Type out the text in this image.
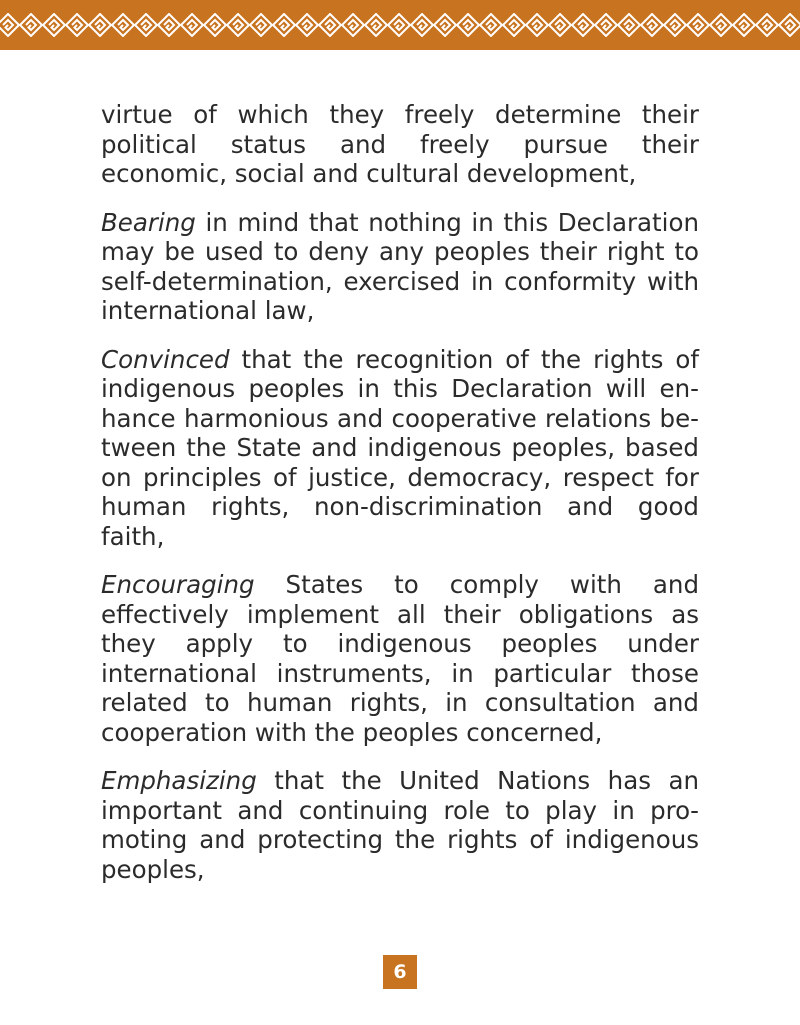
virtue of which they freely determine their political status and freely pursue their economic, social and cultural development,

Bearing in mind that nothing in this Declaration may be used to deny any peoples their right to self-determination, exercised in conformity with international law,

Convinced that the recognition of the rights of indigenous peoples in this Declaration will enhance harmonious and cooperative relations between the State and indigenous peoples, based on principles of justice, democracy, respect for human rights, non-discrimination and good faith,

Encouraging States to comply with and effectively implement all their obligations as they apply to indigenous peoples under international instruments, in particular those related to human rights, in consultation and cooperation with the peoples concerned,

Emphasizing that the United Nations has an important and continuing role to play in promoting and protecting the rights of indigenous peoples,

6
